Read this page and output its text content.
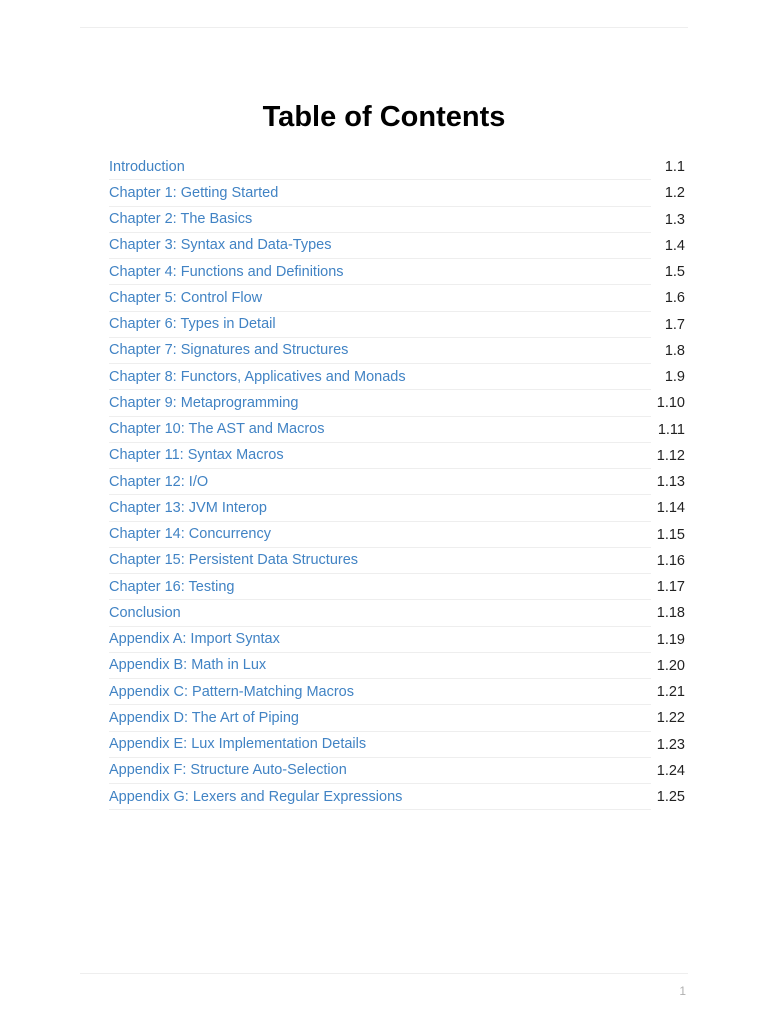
Table of Contents
Introduction	1.1
Chapter 1: Getting Started	1.2
Chapter 2: The Basics	1.3
Chapter 3: Syntax and Data-Types	1.4
Chapter 4: Functions and Definitions	1.5
Chapter 5: Control Flow	1.6
Chapter 6: Types in Detail	1.7
Chapter 7: Signatures and Structures	1.8
Chapter 8: Functors, Applicatives and Monads	1.9
Chapter 9: Metaprogramming	1.10
Chapter 10: The AST and Macros	1.11
Chapter 11: Syntax Macros	1.12
Chapter 12: I/O	1.13
Chapter 13: JVM Interop	1.14
Chapter 14: Concurrency	1.15
Chapter 15: Persistent Data Structures	1.16
Chapter 16: Testing	1.17
Conclusion	1.18
Appendix A: Import Syntax	1.19
Appendix B: Math in Lux	1.20
Appendix C: Pattern-Matching Macros	1.21
Appendix D: The Art of Piping	1.22
Appendix E: Lux Implementation Details	1.23
Appendix F: Structure Auto-Selection	1.24
Appendix G: Lexers and Regular Expressions	1.25
1
